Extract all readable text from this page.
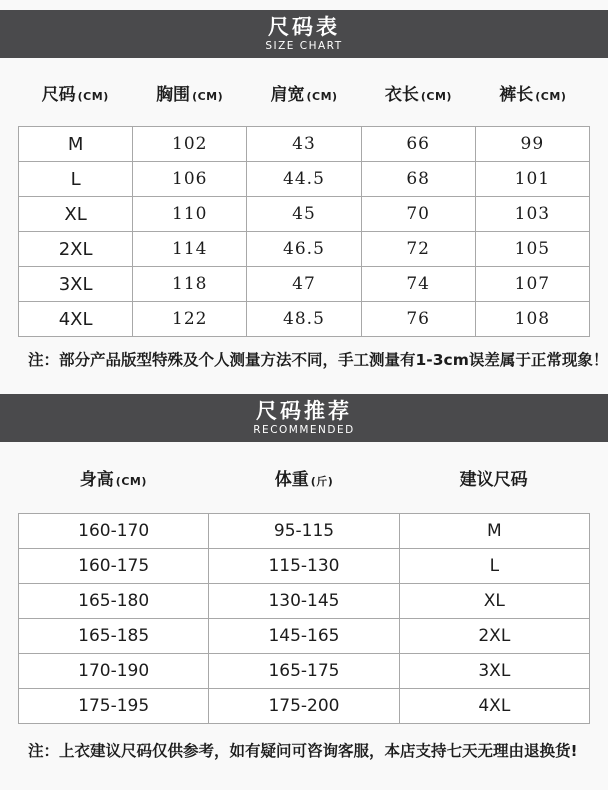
尺码表
SIZE CHART
尺码 (CM)	胸围 (CM)	肩宽 (CM)	衣长 (CM)	裤长 (CM)
M	102	43	66	99
L	106	44.5	68	101
XL	110	45	70	103
2XL	114	46.5	72	105
3XL	118	47	74	107
4XL	122	48.5	76	108
注：部分产品版型特殊及个人测量方法不同，手工测量有1-3cm误差属于正常现象！
尺码推荐
RECOMMENDED
身高 (CM)	体重 (斤)	建议尺码
160-170	95-115	M
160-175	115-130	L
165-180	130-145	XL
165-185	145-165	2XL
170-190	165-175	3XL
175-195	175-200	4XL
注：上衣建议尺码仅供参考，如有疑问可咨询客服，本店支持七天无理由退换货!
